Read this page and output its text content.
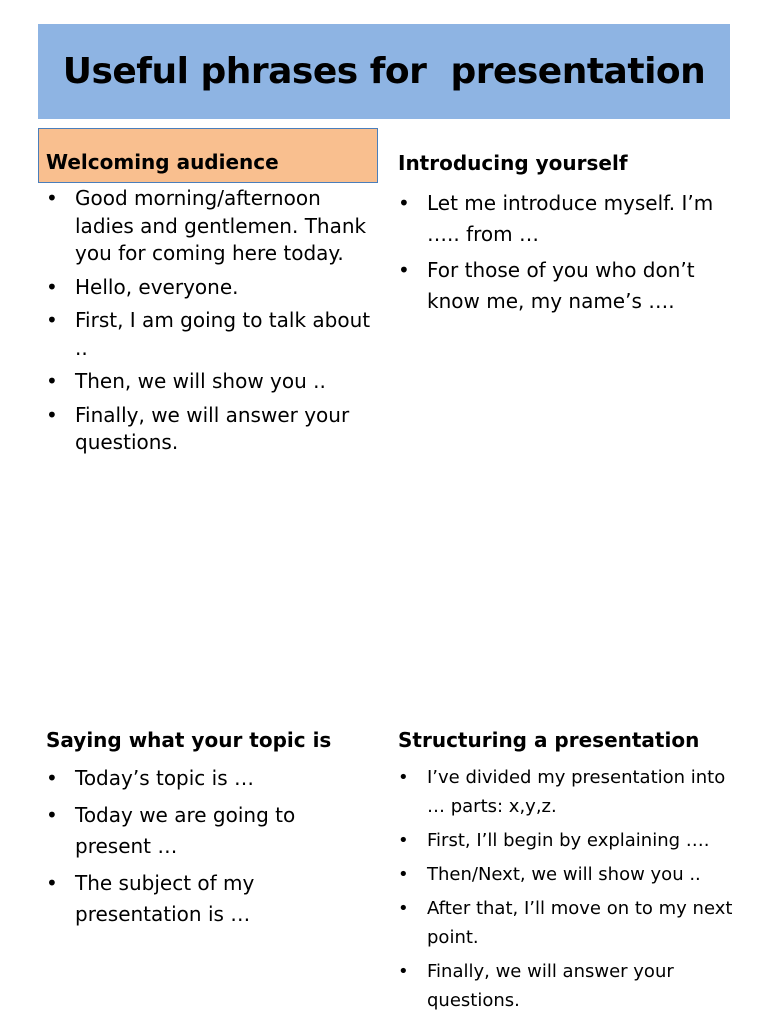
Useful phrases for  presentation
Welcoming audience
• Good morning/afternoon ladies and gentlemen. Thank you for coming here today.
• Hello, everyone.
• First, I am going to talk about ..
• Then, we will show you ..
• Finally, we will answer your questions.
Introducing yourself
• Let me introduce myself. I’m ….. from …
• For those of you who don’t know me, my name’s ….
Saying what your topic is
• Today’s topic is …
• Today we are going to present …
• The subject of my presentation is …
Structuring a presentation
• I’ve divided my presentation into … parts: x,y,z.
• First, I’ll begin by explaining ….
• Then/Next, we will show you ..
• After that, I’ll move on to my next point.
• Finally, we will answer your questions.
